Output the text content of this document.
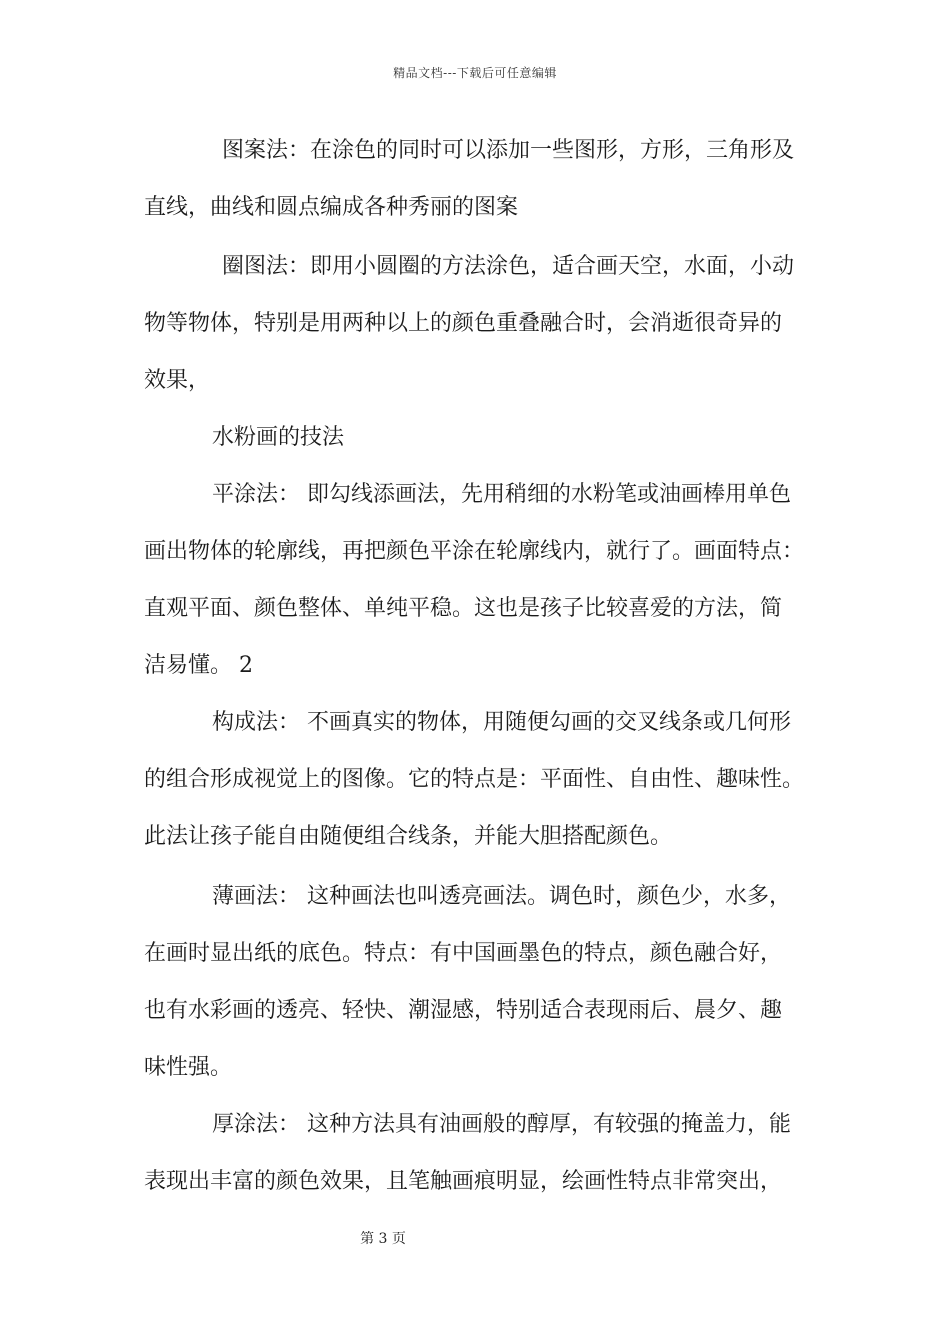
精品文档---下载后可任意编辑
图案法：在涂色的同时可以添加一些图形，方形，三角形及
直线，曲线和圆点编成各种秀丽的图案
圈图法：即用小圆圈的方法涂色，适合画天空，水面，小动
物等物体，特别是用两种以上的颜色重叠融合时，会消逝很奇异的
效果，
水粉画的技法
平涂法： 即勾线添画法，先用稍细的水粉笔或油画棒用单色
画出物体的轮廓线，再把颜色平涂在轮廓线内，就行了。画面特点：
直观平面、颜色整体、单纯平稳。这也是孩子比较喜爱的方法，简
洁易懂。 2
构成法： 不画真实的物体，用随便勾画的交叉线条或几何形
的组合形成视觉上的图像。它的特点是：平面性、自由性、趣味性。
此法让孩子能自由随便组合线条，并能大胆搭配颜色。
薄画法： 这种画法也叫透亮画法。调色时，颜色少，水多，
在画时显出纸的底色。特点：有中国画墨色的特点，颜色融合好，
也有水彩画的透亮、轻快、潮湿感，特别适合表现雨后、晨夕、趣
味性强。
厚涂法： 这种方法具有油画般的醇厚，有较强的掩盖力，能
表现出丰富的颜色效果，且笔触画痕明显，绘画性特点非常突出，
第 3 页
